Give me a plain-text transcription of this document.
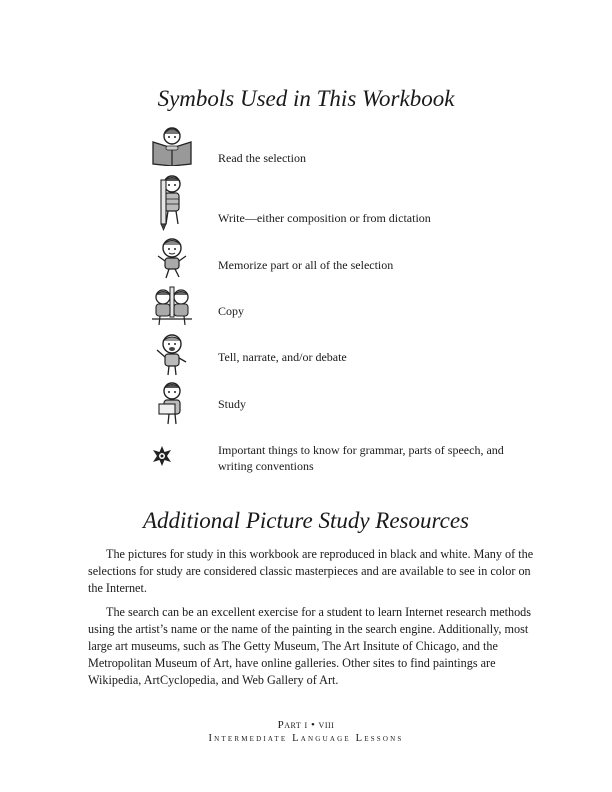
Symbols Used in This Workbook
Read the selection
Write—either composition or from dictation
Memorize part or all of the selection
Copy
Tell, narrate, and/or debate
Study
Important things to know for grammar, parts of speech, and writing conventions
Additional Picture Study Resources

The pictures for study in this workbook are reproduced in black and white. Many of the selections for study are considered classic masterpieces and are available to see in color on the Internet.

The search can be an excellent exercise for a student to learn Internet research methods using the artist’s name or the name of the painting in the search engine. Additionally, most large art museums, such as The Getty Museum, The Art Insitute of Chicago, and the Metropolitan Museum of Art, have online galleries. Other sites to find paintings are Wikipedia, ArtCyclopedia, and Web Gallery of Art.

Part i • viii
Intermediate Language Lessons
